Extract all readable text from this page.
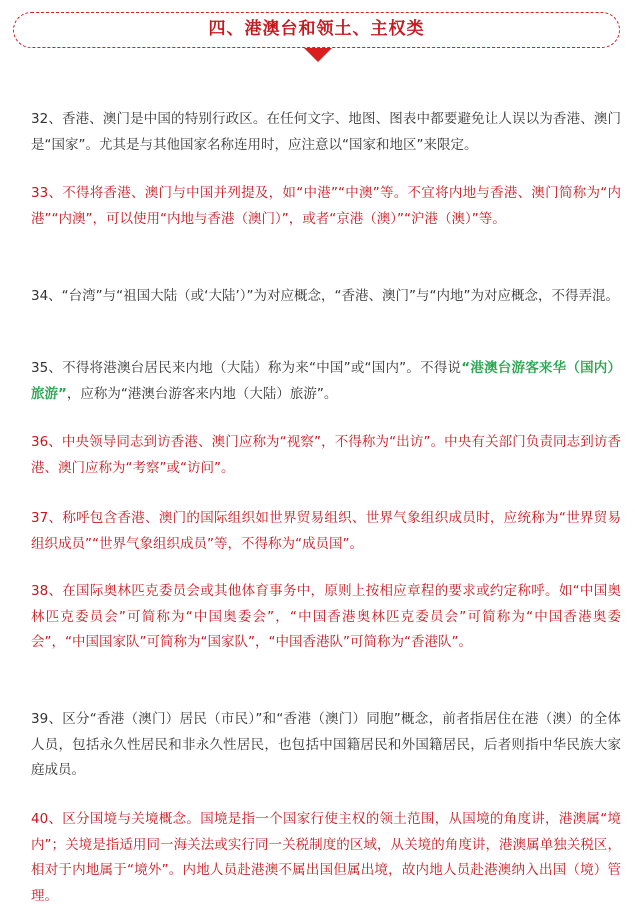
四、港澳台和领土、主权类

32、香港、澳门是中国的特别行政区。在任何文字、地图、图表中都要避免让人误以为香港、澳门是“国家”。尤其是与其他国家名称连用时，应注意以“国家和地区”来限定。

33、不得将香港、澳门与中国并列提及，如“中港”“中澳”等。不宜将内地与香港、澳门简称为“内港”“内澳”，可以使用“内地与香港（澳门）”，或者“京港（澳）”“沪港（澳）”等。

34、“台湾”与“祖国大陆（或‘大陆’）”为对应概念，“香港、澳门”与“内地”为对应概念，不得弄混。

35、不得将港澳台居民来内地（大陆）称为来“中国”或“国内”。不得说“港澳台游客来华（国内）旅游”，应称为“港澳台游客来内地（大陆）旅游”。

36、中央领导同志到访香港、澳门应称为“视察”，不得称为“出访”。中央有关部门负责同志到访香港、澳门应称为“考察”或“访问”。

37、称呼包含香港、澳门的国际组织如世界贸易组织、世界气象组织成员时，应统称为“世界贸易组织成员”“世界气象组织成员”等，不得称为“成员国”。

38、在国际奥林匹克委员会或其他体育事务中，原则上按相应章程的要求或约定称呼。如“中国奥林匹克委员会”可简称为“中国奥委会”，“中国香港奥林匹克委员会”可简称为“中国香港奥委会”，“中国国家队”可简称为“国家队”，“中国香港队”可简称为“香港队”。

39、区分“香港（澳门）居民（市民）”和“香港（澳门）同胞”概念，前者指居住在港（澳）的全体人员，包括永久性居民和非永久性居民，也包括中国籍居民和外国籍居民，后者则指中华民族大家庭成员。

40、区分国境与关境概念。国境是指一个国家行使主权的领土范围，从国境的角度讲，港澳属“境内”；关境是指适用同一海关法或实行同一关税制度的区域，从关境的角度讲，港澳属单独关税区，相对于内地属于“境外”。内地人员赴港澳不属出国但属出境，故内地人员赴港澳纳入出国（境）管理。
